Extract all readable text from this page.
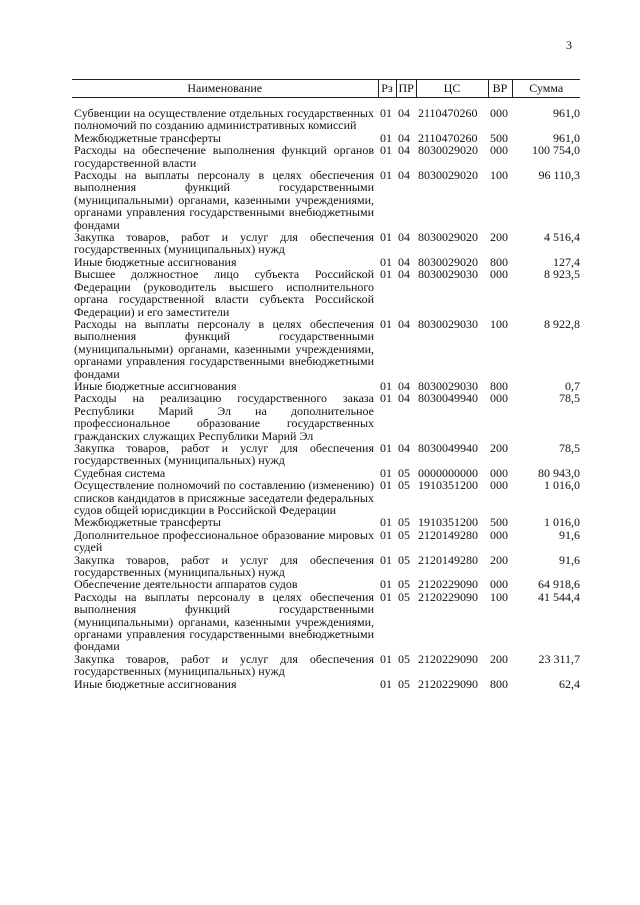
3
Наименование	Рз	ПР	ЦС	ВР	Сумма

Субвенции на осуществление отдельных государственных полномочий по созданию административных комиссий	01	04	2110470260	000	961,0
Межбюджетные трансферты	01	04	2110470260	500	961,0
Расходы на обеспечение выполнения функций органов государственной власти	01	04	8030029020	000	100 754,0
Расходы на выплаты персоналу в целях обеспечения выполнения функций государственными (муниципальными) органами, казенными учреждениями, органами управления государственными внебюджетными фондами	01	04	8030029020	100	96 110,3
Закупка товаров, работ и услуг для обеспечения государственных (муниципальных) нужд	01	04	8030029020	200	4 516,4
Иные бюджетные ассигнования	01	04	8030029020	800	127,4
Высшее должностное лицо субъекта Российской Федерации (руководитель высшего исполнительного органа государственной власти субъекта Российской Федерации) и его заместители	01	04	8030029030	000	8 923,5
Расходы на выплаты персоналу в целях обеспечения выполнения функций государственными (муниципальными) органами, казенными учреждениями, органами управления государственными внебюджетными фондами	01	04	8030029030	100	8 922,8
Иные бюджетные ассигнования	01	04	8030029030	800	0,7
Расходы на реализацию государственного заказа Республики Марий Эл на дополнительное профессиональное образование государственных гражданских служащих Республики Марий Эл	01	04	8030049940	000	78,5
Закупка товаров, работ и услуг для обеспечения государственных (муниципальных) нужд	01	04	8030049940	200	78,5
Судебная система	01	05	0000000000	000	80 943,0
Осуществление полномочий по составлению (изменению) списков кандидатов в присяжные заседатели федеральных судов общей юрисдикции в Российской Федерации	01	05	1910351200	000	1 016,0
Межбюджетные трансферты	01	05	1910351200	500	1 016,0
Дополнительное профессиональное образование мировых судей	01	05	2120149280	000	91,6
Закупка товаров, работ и услуг для обеспечения государственных (муниципальных) нужд	01	05	2120149280	200	91,6
Обеспечение деятельности аппаратов судов	01	05	2120229090	000	64 918,6
Расходы на выплаты персоналу в целях обеспечения выполнения функций государственными (муниципальными) органами, казенными учреждениями, органами управления государственными внебюджетными фондами	01	05	2120229090	100	41 544,4
Закупка товаров, работ и услуг для обеспечения государственных (муниципальных) нужд	01	05	2120229090	200	23 311,7
Иные бюджетные ассигнования	01	05	2120229090	800	62,4
